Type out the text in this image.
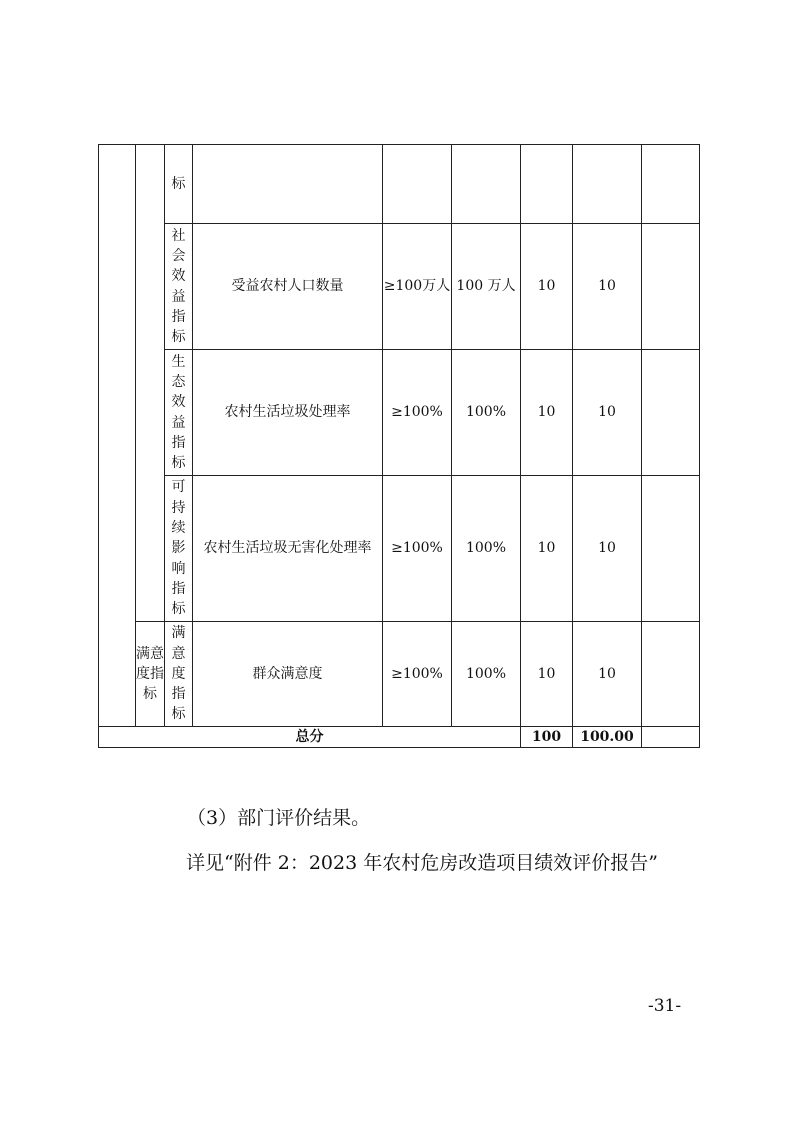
		标						
		社会效益指标	受益农村人口数量	≥100万人	100 万人	10	10	
		生态效益指标	农村生活垃圾处理率	≥100%	100%	10	10	
		可持续影响指标	农村生活垃圾无害化处理率	≥100%	100%	10	10	
	满意度指标	满意度指标	群众满意度	≥100%	100%	10	10	
总分						100	100.00	
（3）部门评价结果。
详见“附件 2：2023 年农村危房改造项目绩效评价报告”
-31-
